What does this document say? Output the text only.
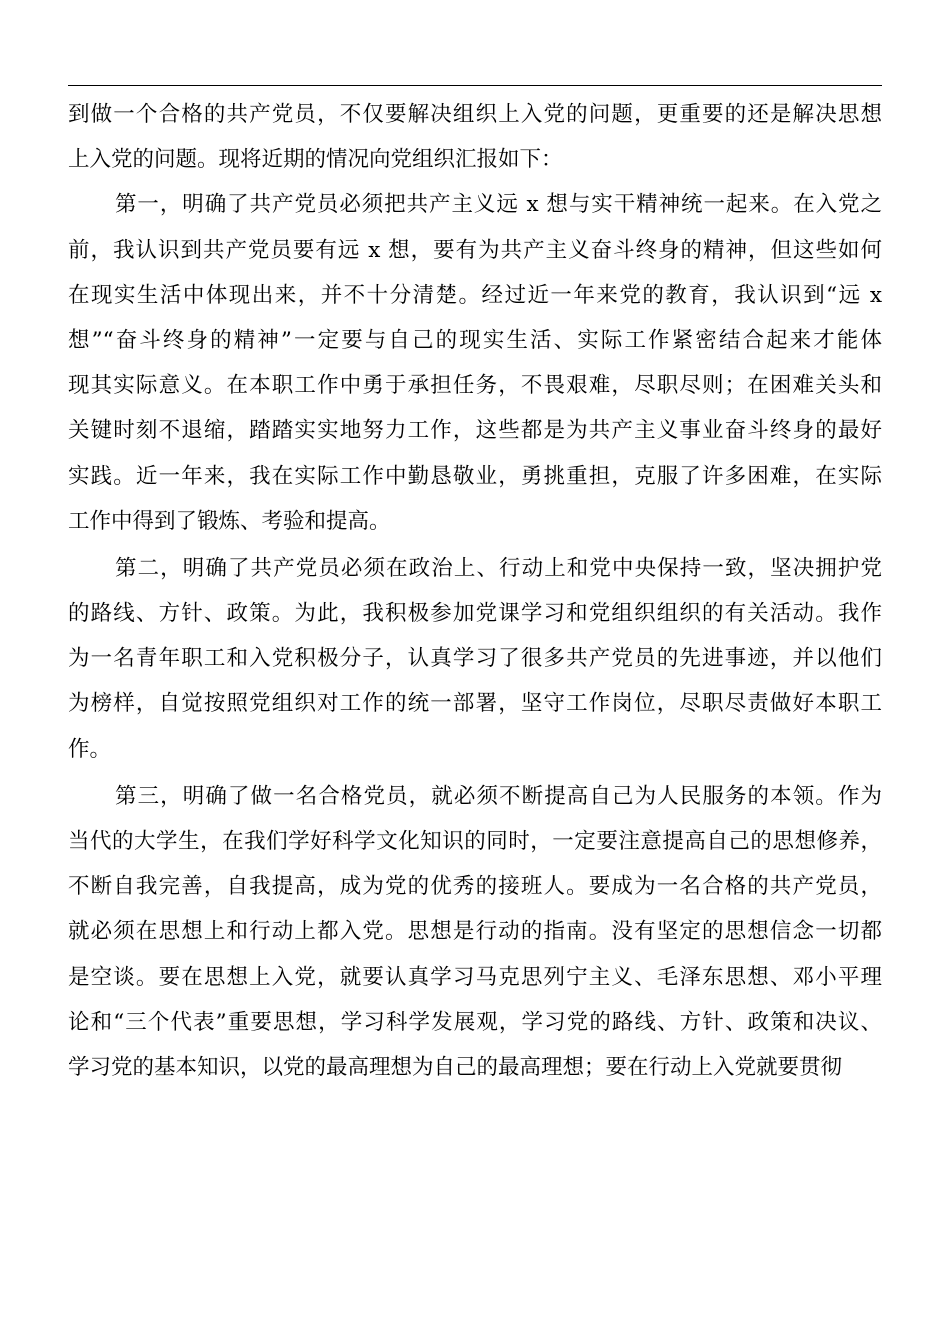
到做一个合格的共产党员，不仅要解决组织上入党的问题，更重要的还是解决思想
上入党的问题。现将近期的情况向党组织汇报如下：
第一，明确了共产党员必须把共产主义远 x 想与实干精神统一起来。在入党之
前，我认识到共产党员要有远 x 想，要有为共产主义奋斗终身的精神，但这些如何
在现实生活中体现出来，并不十分清楚。经过近一年来党的教育，我认识到“远 x
想”“奋斗终身的精神”一定要与自己的现实生活、实际工作紧密结合起来才能体
现其实际意义。在本职工作中勇于承担任务，不畏艰难，尽职尽则；在困难关头和
关键时刻不退缩，踏踏实实地努力工作，这些都是为共产主义事业奋斗终身的最好
实践。近一年来，我在实际工作中勤恳敬业，勇挑重担，克服了许多困难，在实际
工作中得到了锻炼、考验和提高。
第二，明确了共产党员必须在政治上、行动上和党中央保持一致，坚决拥护党
的路线、方针、政策。为此，我积极参加党课学习和党组织组织的有关活动。我作
为一名青年职工和入党积极分子，认真学习了很多共产党员的先进事迹，并以他们
为榜样，自觉按照党组织对工作的统一部署，坚守工作岗位，尽职尽责做好本职工
作。
第三，明确了做一名合格党员，就必须不断提高自己为人民服务的本领。作为
当代的大学生，在我们学好科学文化知识的同时，一定要注意提高自己的思想修养，
不断自我完善，自我提高，成为党的优秀的接班人。要成为一名合格的共产党员，
就必须在思想上和行动上都入党。思想是行动的指南。没有坚定的思想信念一切都
是空谈。要在思想上入党，就要认真学习马克思列宁主义、毛泽东思想、邓小平理
论和“三个代表”重要思想，学习科学发展观，学习党的路线、方针、政策和决议、
学习党的基本知识，以党的最高理想为自己的最高理想；要在行动上入党就要贯彻
